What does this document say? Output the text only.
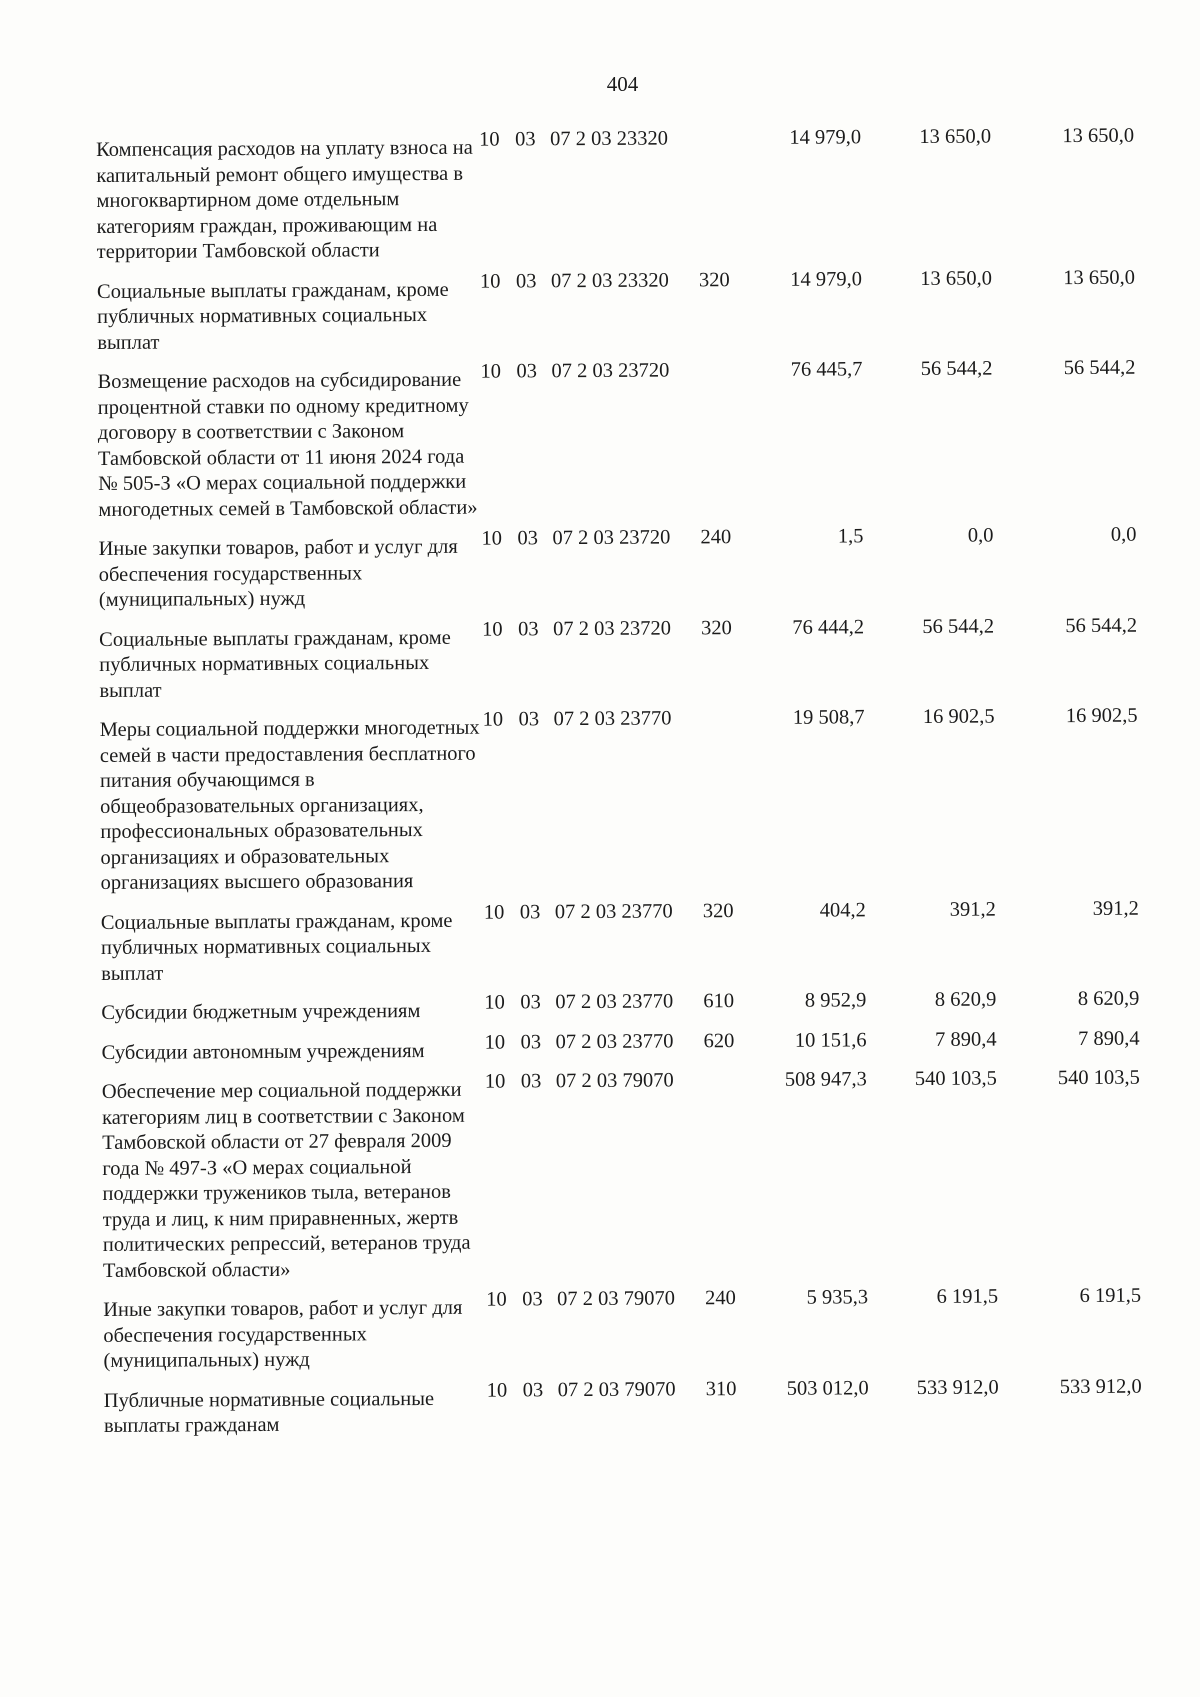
404
Компенсация расходов на уплату взноса на капитальный ремонт общего имущества в многоквартирном доме отдельным категориям граждан, проживающим на территории Тамбовской области
10 03 07 2 03 23320	14 979,0	13 650,0	13 650,0
Социальные выплаты гражданам, кроме публичных нормативных социальных выплат
10 03 07 2 03 23320	320	14 979,0	13 650,0	13 650,0
Возмещение расходов на субсидирование процентной ставки по одному кредитному договору в соответствии с Законом Тамбовской области от 11 июня 2024 года № 505-З «О мерах социальной поддержки многодетных семей в Тамбовской области»
10 03 07 2 03 23720	76 445,7	56 544,2	56 544,2
Иные закупки товаров, работ и услуг для обеспечения государственных (муниципальных) нужд
10 03 07 2 03 23720	240	1,5	0,0	0,0
Социальные выплаты гражданам, кроме публичных нормативных социальных выплат
10 03 07 2 03 23720	320	76 444,2	56 544,2	56 544,2
Меры социальной поддержки многодетных семей в части предоставления бесплатного питания обучающимся в общеобразовательных организациях, профессиональных образовательных организациях и образовательных организациях высшего образования
10 03 07 2 03 23770	19 508,7	16 902,5	16 902,5
Социальные выплаты гражданам, кроме публичных нормативных социальных выплат
10 03 07 2 03 23770	320	404,2	391,2	391,2
Субсидии бюджетным учреждениям	10 03 07 2 03 23770	610	8 952,9	8 620,9	8 620,9
Субсидии автономным учреждениям	10 03 07 2 03 23770	620	10 151,6	7 890,4	7 890,4
Обеспечение мер социальной поддержки категориям лиц в соответствии с Законом Тамбовской области от 27 февраля 2009 года № 497-З «О мерах социальной поддержки тружеников тыла, ветеранов труда и лиц, к ним приравненных, жертв политических репрессий, ветеранов труда Тамбовской области»
10 03 07 2 03 79070	508 947,3	540 103,5	540 103,5
Иные закупки товаров, работ и услуг для обеспечения государственных (муниципальных) нужд
10 03 07 2 03 79070	240	5 935,3	6 191,5	6 191,5
Публичные нормативные социальные выплаты гражданам
10 03 07 2 03 79070	310	503 012,0	533 912,0	533 912,0
